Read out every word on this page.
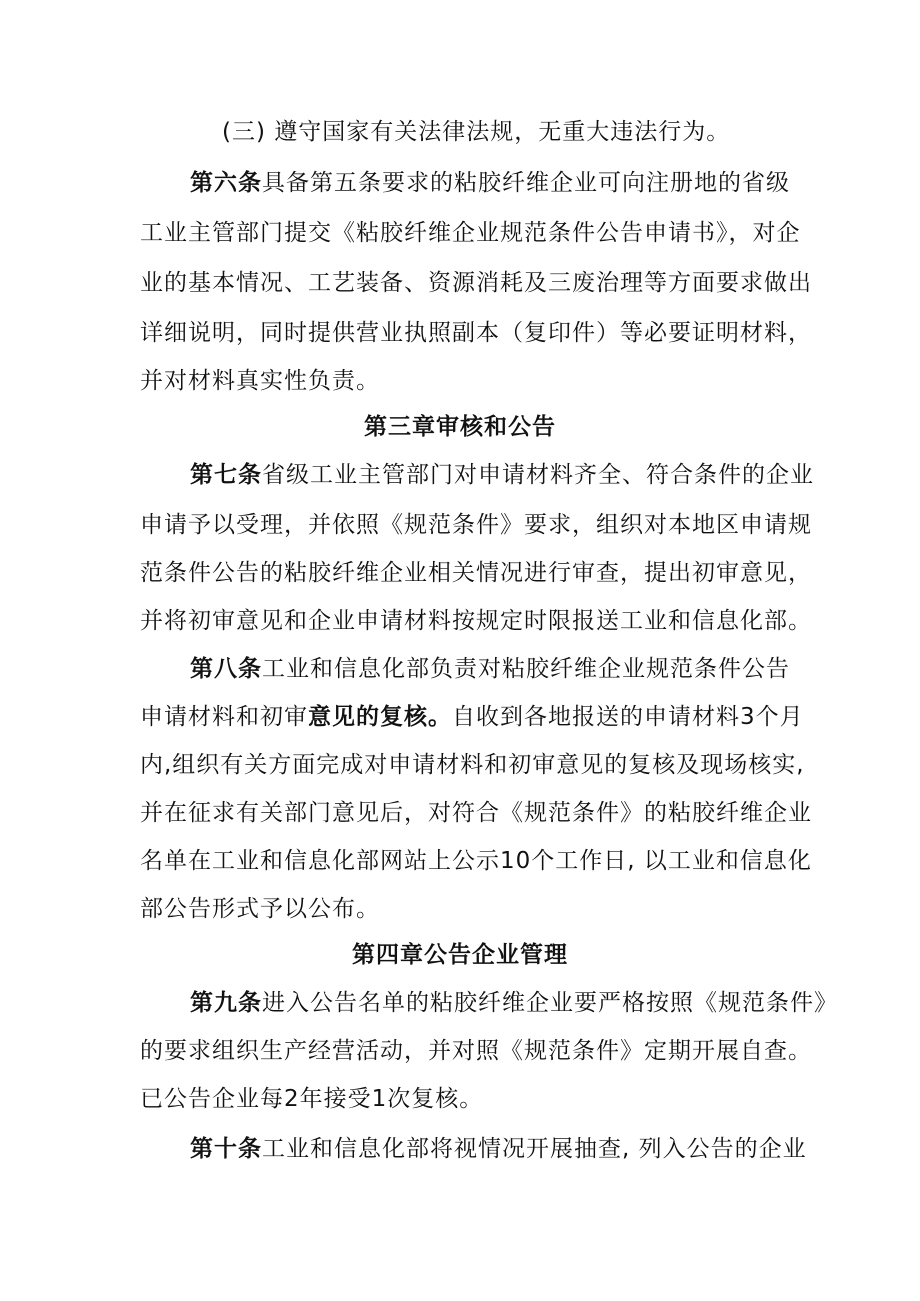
(三) 遵守国家有关法律法规，无重大违法行为。
第六条具备第五条要求的粘胶纤维企业可向注册地的省级
工业主管部门提交《粘胶纤维企业规范条件公告申请书》，对企
业的基本情况、工艺装备、资源消耗及三废治理等方面要求做出
详细说明，同时提供营业执照副本（复印件）等必要证明材料，
并对材料真实性负责。
第三章审核和公告
第七条省级工业主管部门对申请材料齐全、符合条件的企业
申请予以受理，并依照《规范条件》要求，组织对本地区申请规
范条件公告的粘胶纤维企业相关情况进行审查，提出初审意见，
并将初审意见和企业申请材料按规定时限报送工业和信息化部。
第八条工业和信息化部负责对粘胶纤维企业规范条件公告
申请材料和初审意见的复核。自收到各地报送的申请材料3个月
内,组织有关方面完成对申请材料和初审意见的复核及现场核实,
并在征求有关部门意见后，对符合《规范条件》的粘胶纤维企业
名单在工业和信息化部网站上公示10个工作日, 以工业和信息化
部公告形式予以公布。
第四章公告企业管理
第九条进入公告名单的粘胶纤维企业要严格按照《规范条件》
的要求组织生产经营活动，并对照《规范条件》定期开展自查。
已公告企业每2年接受1次复核。
第十条工业和信息化部将视情况开展抽查, 列入公告的企业
